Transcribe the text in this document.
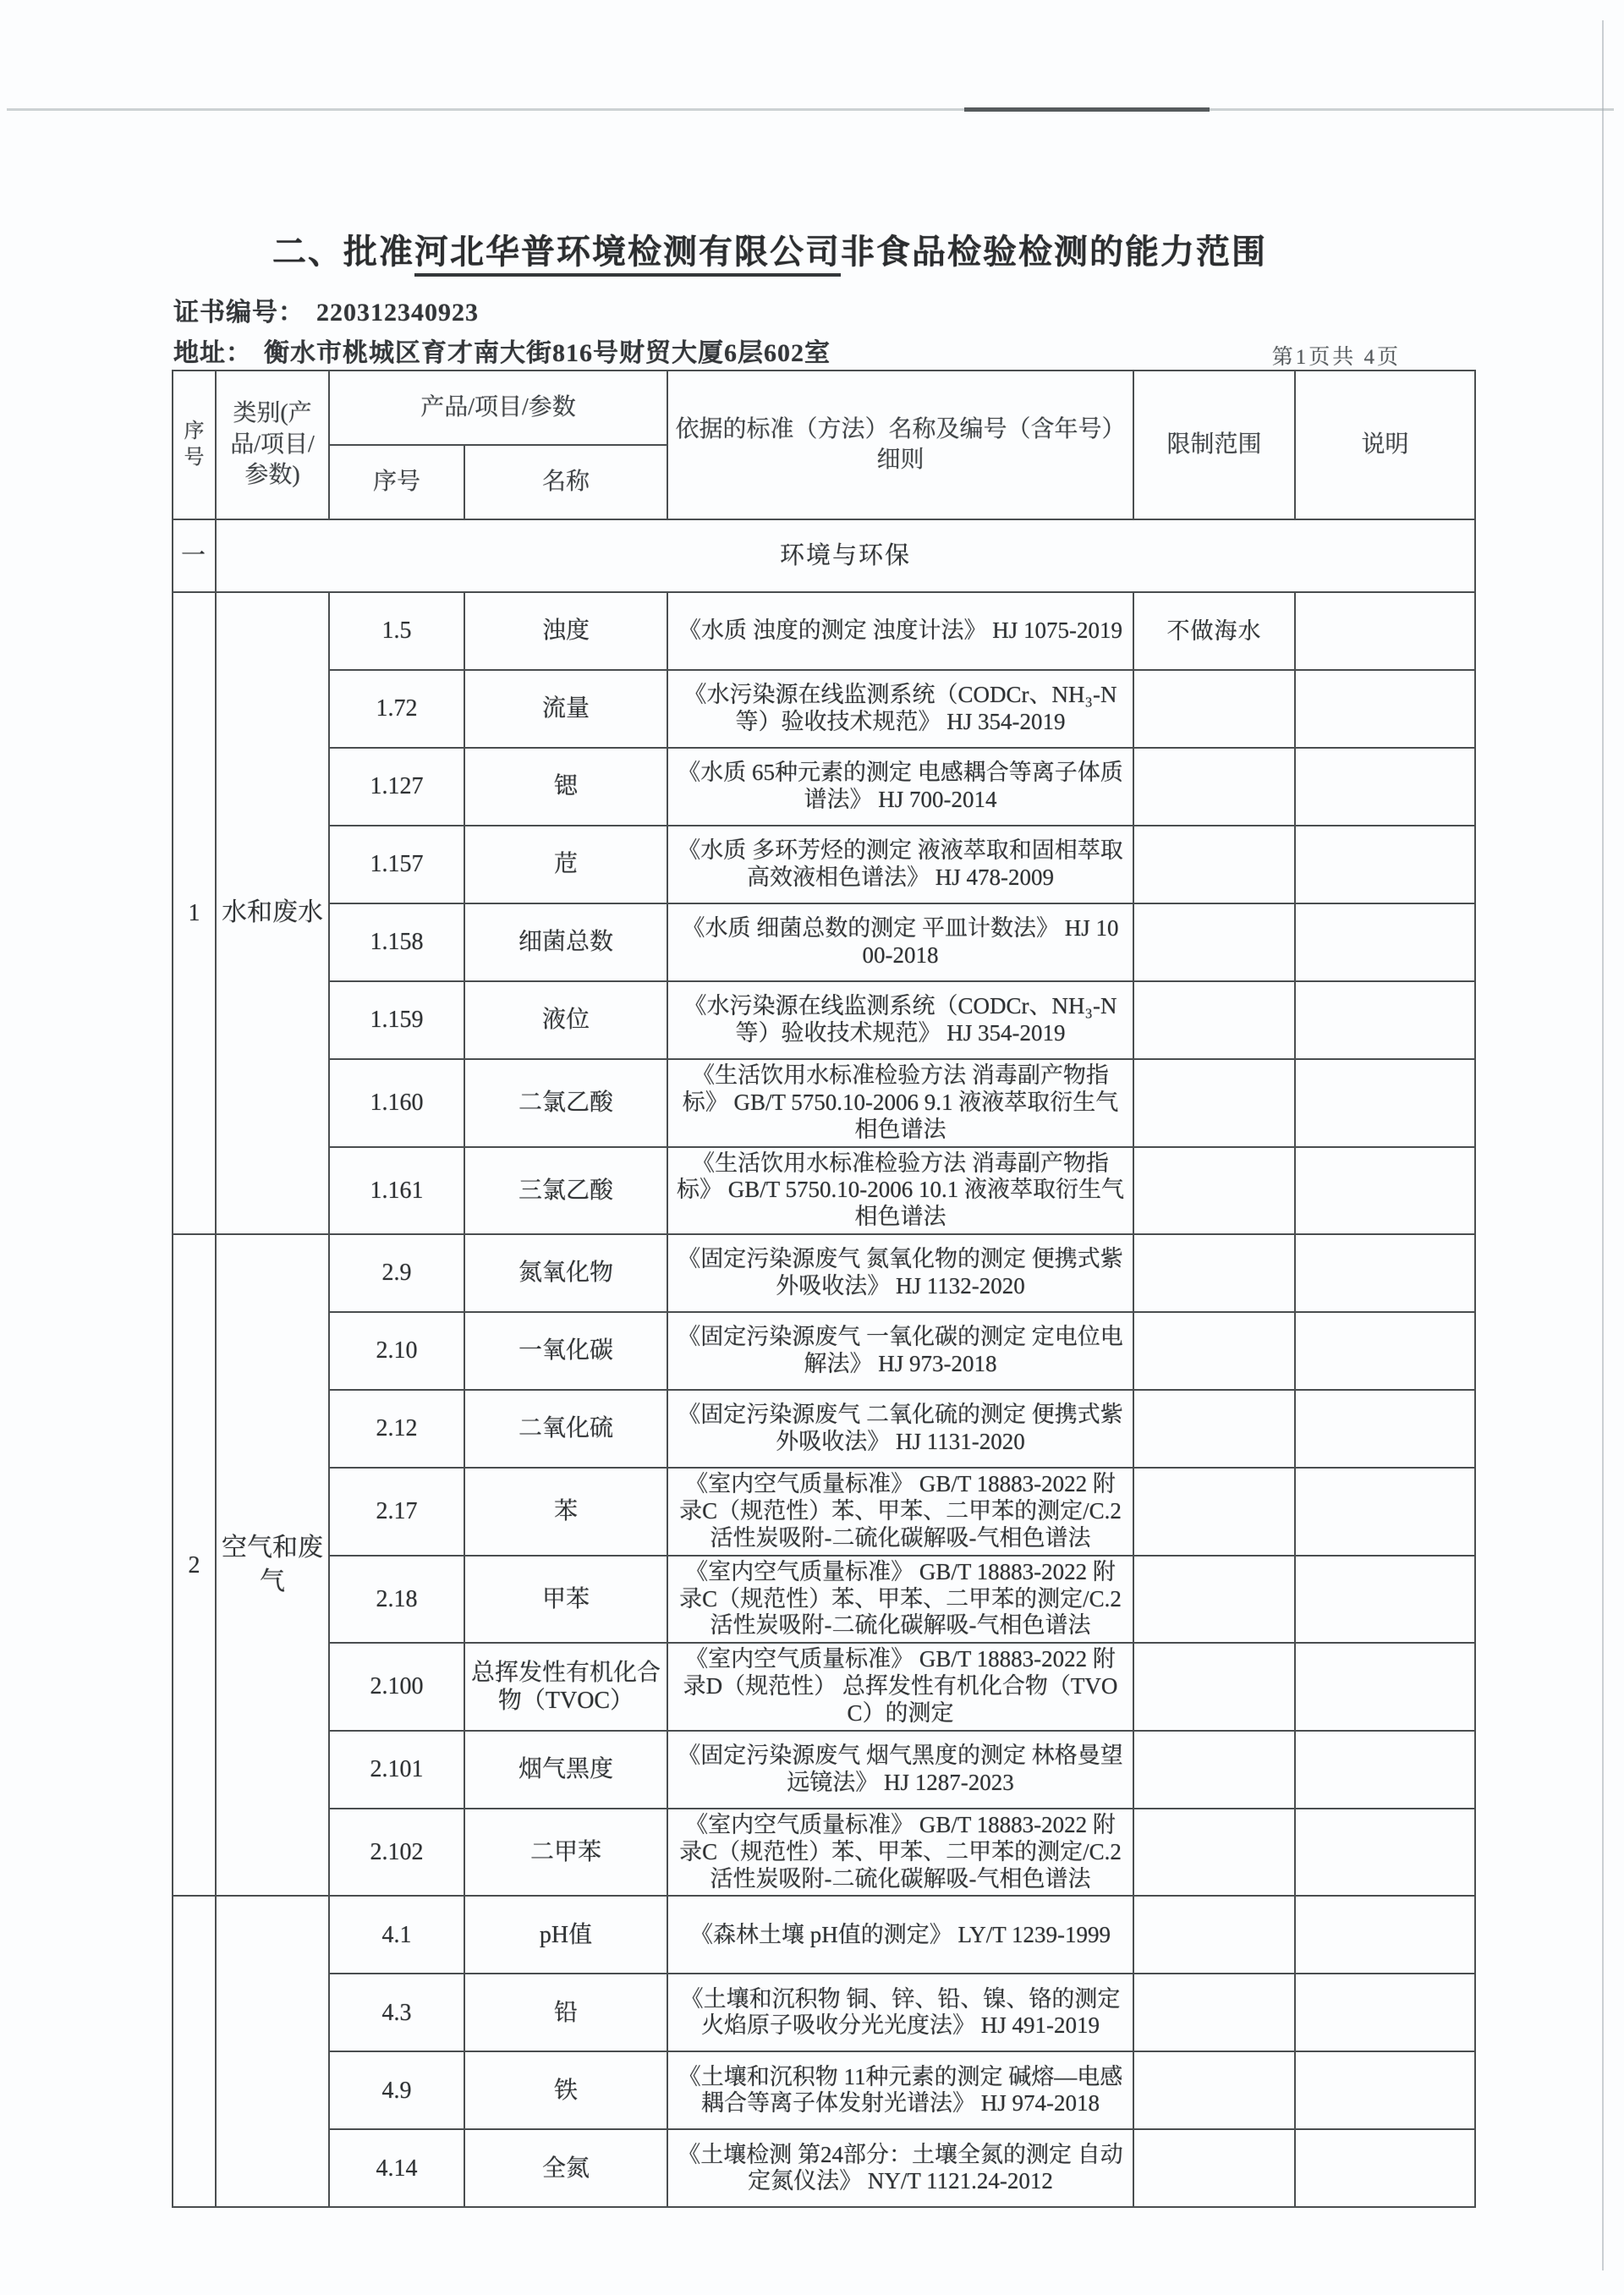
二、批准河北华普环境检测有限公司非食品检验检测的能力范围
证书编号： 220312340923
地址： 衡水市桃城区育才南大街816号财贸大厦6层602室	第1页共 4页
序号	类别(产品/项目/参数)	产品/项目/参数		依据的标准（方法）名称及编号（含年号）细则	限制范围	说明
		序号	名称			
一	环境与环保					
1	水和废水	1.5	浊度	《水质 浊度的测定 浊度计法》 HJ 1075-2019	不做海水	
		1.72	流量	《水污染源在线监测系统（CODCr、NH₃-N等）验收技术规范》 HJ 354-2019		
		1.127	锶	《水质 65种元素的测定 电感耦合等离子体质谱法》 HJ 700-2014		
		1.157	苊	《水质 多环芳烃的测定 液液萃取和固相萃取高效液相色谱法》 HJ 478-2009		
		1.158	细菌总数	《水质 细菌总数的测定 平皿计数法》 HJ 1000-2018		
		1.159	液位	《水污染源在线监测系统（CODCr、NH₃-N等）验收技术规范》 HJ 354-2019		
		1.160	二氯乙酸	《生活饮用水标准检验方法 消毒副产物指标》 GB/T 5750.10-2006 9.1 液液萃取衍生气相色谱法		
		1.161	三氯乙酸	《生活饮用水标准检验方法 消毒副产物指标》 GB/T 5750.10-2006 10.1 液液萃取衍生气相色谱法		
2	空气和废气	2.9	氮氧化物	《固定污染源废气 氮氧化物的测定 便携式紫外吸收法》 HJ 1132-2020		
		2.10	一氧化碳	《固定污染源废气 一氧化碳的测定 定电位电解法》 HJ 973-2018		
		2.12	二氧化硫	《固定污染源废气 二氧化硫的测定 便携式紫外吸收法》 HJ 1131-2020		
		2.17	苯	《室内空气质量标准》 GB/T 18883-2022 附录C（规范性）苯、甲苯、二甲苯的测定/C.2活性炭吸附-二硫化碳解吸-气相色谱法		
		2.18	甲苯	《室内空气质量标准》 GB/T 18883-2022 附录C（规范性）苯、甲苯、二甲苯的测定/C.2活性炭吸附-二硫化碳解吸-气相色谱法		
		2.100	总挥发性有机化合物（TVOC）	《室内空气质量标准》 GB/T 18883-2022 附录D（规范性） 总挥发性有机化合物（TVOC）的测定		
		2.101	烟气黑度	《固定污染源废气 烟气黑度的测定 林格曼望远镜法》 HJ 1287-2023		
		2.102	二甲苯	《室内空气质量标准》 GB/T 18883-2022 附录C（规范性）苯、甲苯、二甲苯的测定/C.2活性炭吸附-二硫化碳解吸-气相色谱法		
		4.1	pH值	《森林土壤 pH值的测定》 LY/T 1239-1999		
		4.3	铅	《土壤和沉积物 铜、锌、铅、镍、铬的测定 火焰原子吸收分光光度法》 HJ 491-2019		
		4.9	铁	《土壤和沉积物 11种元素的测定 碱熔—电感耦合等离子体发射光谱法》 HJ 974-2018		
		4.14	全氮	《土壤检测 第24部分：土壤全氮的测定 自动定氮仪法》 NY/T 1121.24-2012		
